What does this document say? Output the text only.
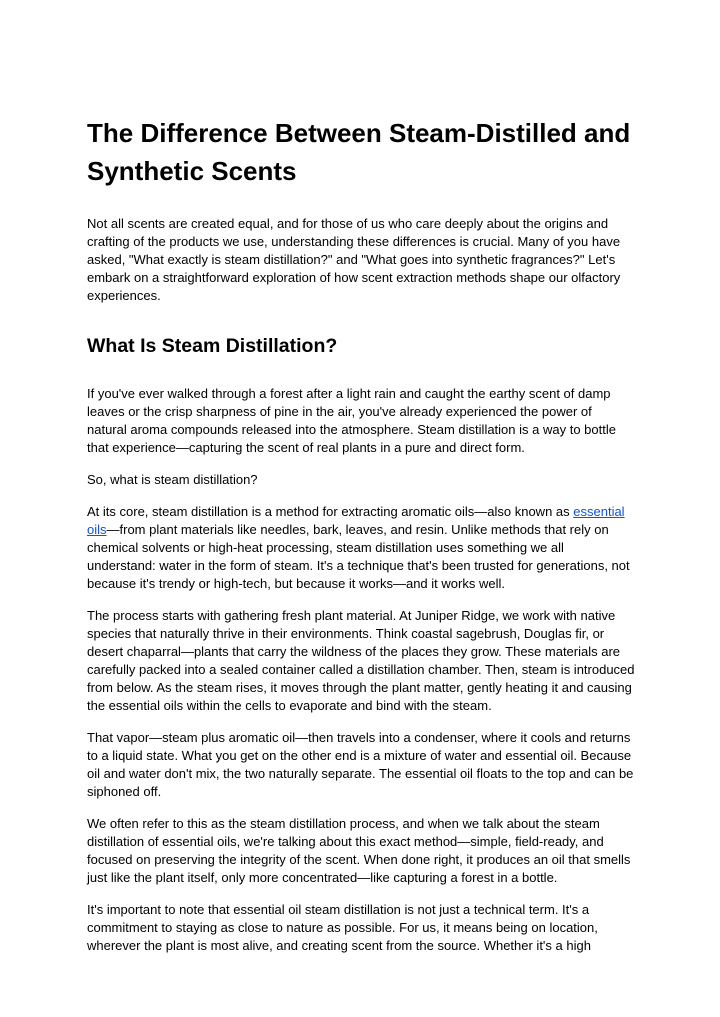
The Difference Between Steam-Distilled and Synthetic Scents

Not all scents are created equal, and for those of us who care deeply about the origins and crafting of the products we use, understanding these differences is crucial. Many of you have asked, "What exactly is steam distillation?" and "What goes into synthetic fragrances?" Let's embark on a straightforward exploration of how scent extraction methods shape our olfactory experiences.

What Is Steam Distillation?

If you've ever walked through a forest after a light rain and caught the earthy scent of damp leaves or the crisp sharpness of pine in the air, you've already experienced the power of natural aroma compounds released into the atmosphere. Steam distillation is a way to bottle that experience—capturing the scent of real plants in a pure and direct form.

So, what is steam distillation?

At its core, steam distillation is a method for extracting aromatic oils—also known as essential oils—from plant materials like needles, bark, leaves, and resin. Unlike methods that rely on chemical solvents or high-heat processing, steam distillation uses something we all understand: water in the form of steam. It's a technique that's been trusted for generations, not because it's trendy or high-tech, but because it works—and it works well.

The process starts with gathering fresh plant material. At Juniper Ridge, we work with native species that naturally thrive in their environments. Think coastal sagebrush, Douglas fir, or desert chaparral—plants that carry the wildness of the places they grow. These materials are carefully packed into a sealed container called a distillation chamber. Then, steam is introduced from below. As the steam rises, it moves through the plant matter, gently heating it and causing the essential oils within the cells to evaporate and bind with the steam.

That vapor—steam plus aromatic oil—then travels into a condenser, where it cools and returns to a liquid state. What you get on the other end is a mixture of water and essential oil. Because oil and water don't mix, the two naturally separate. The essential oil floats to the top and can be siphoned off.

We often refer to this as the steam distillation process, and when we talk about the steam distillation of essential oils, we're talking about this exact method—simple, field-ready, and focused on preserving the integrity of the scent. When done right, it produces an oil that smells just like the plant itself, only more concentrated—like capturing a forest in a bottle.

It's important to note that essential oil steam distillation is not just a technical term. It's a commitment to staying as close to nature as possible. For us, it means being on location, wherever the plant is most alive, and creating scent from the source. Whether it's a high
